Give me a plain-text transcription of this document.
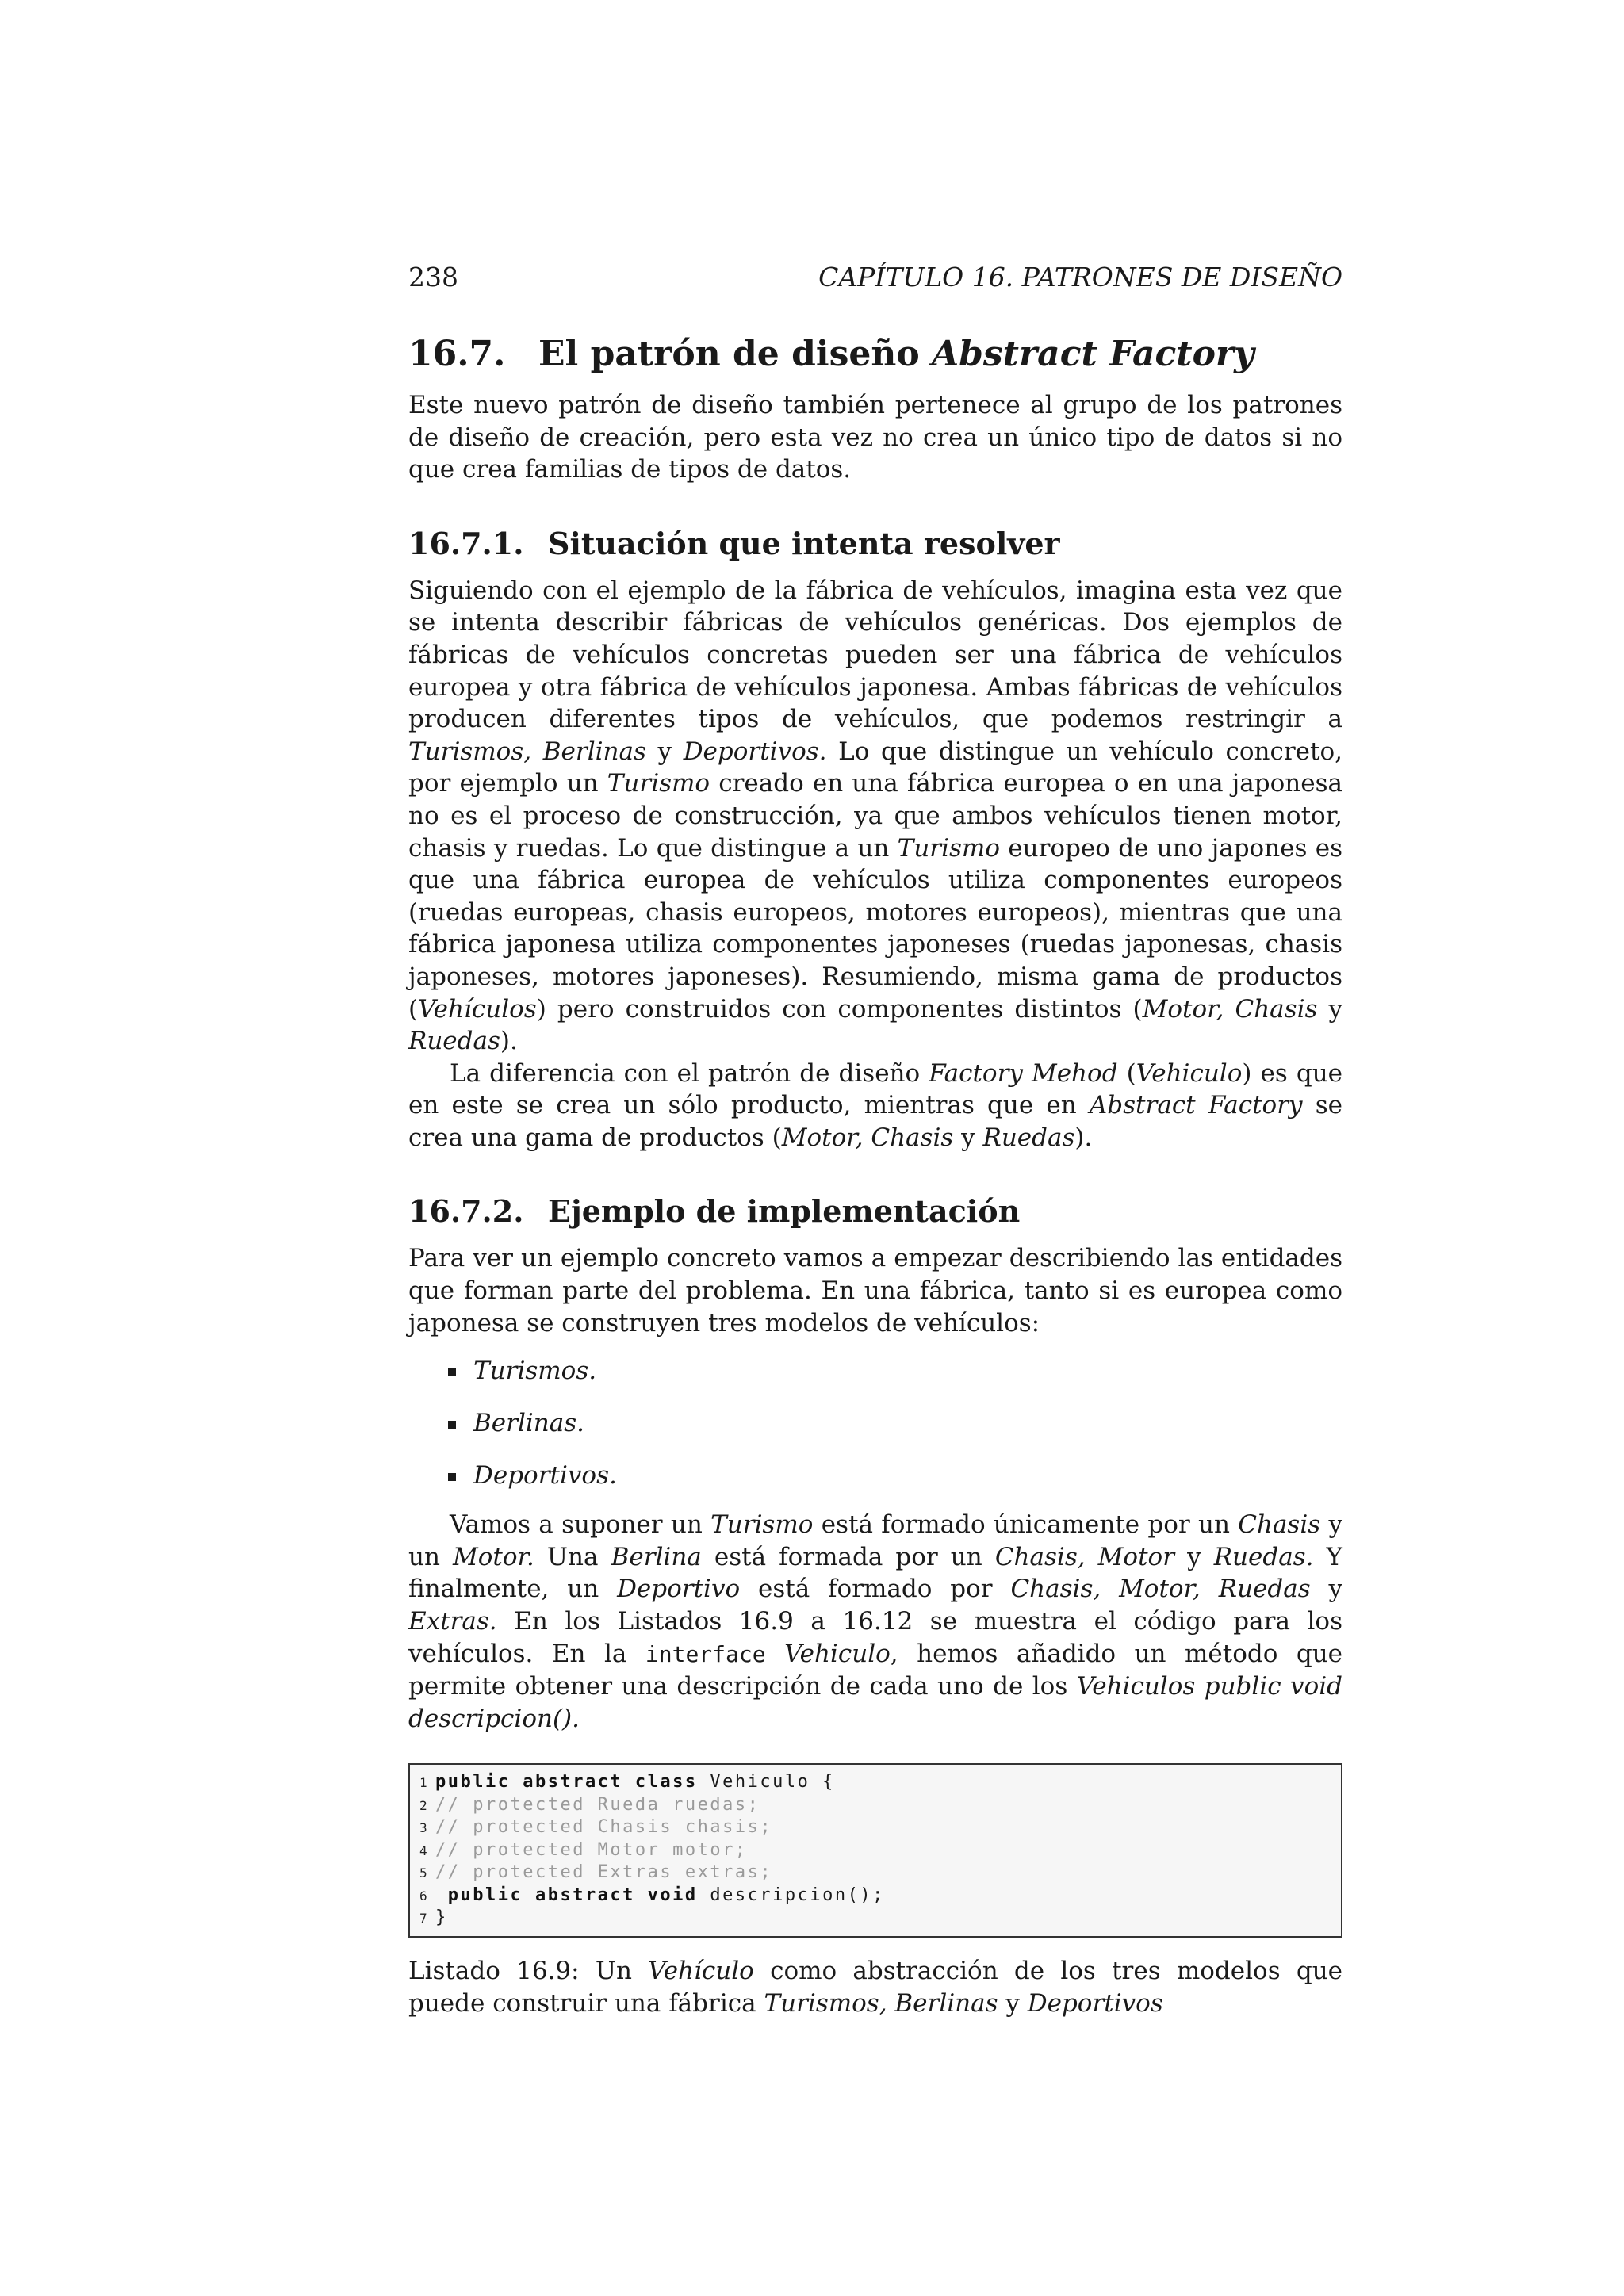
238	CAPÍTULO 16. PATRONES DE DISEÑO
16.7. El patrón de diseño Abstract Factory

Este nuevo patrón de diseño también pertenece al grupo de los patrones de diseño de creación, pero esta vez no crea un único tipo de datos si no que crea familias de tipos de datos.

16.7.1. Situación que intenta resolver

Siguiendo con el ejemplo de la fábrica de vehículos, imagina esta vez que se intenta describir fábricas de vehículos genéricas. Dos ejemplos de fábricas de vehículos concretas pueden ser una fábrica de vehículos europea y otra fábrica de vehículos japonesa. Ambas fábricas de vehículos producen diferentes tipos de vehículos, que podemos restringir a Turismos, Berlinas y Deportivos. Lo que distingue un vehículo concreto, por ejemplo un Turismo creado en una fábrica europea o en una japonesa no es el proceso de construcción, ya que ambos vehículos tienen motor, chasis y ruedas. Lo que distingue a un Turismo europeo de uno japones es que una fábrica europea de vehículos utiliza componentes europeos (ruedas europeas, chasis europeos, motores europeos), mientras que una fábrica japonesa utiliza componentes japoneses (ruedas japonesas, chasis japoneses, motores japoneses). Resumiendo, misma gama de productos (Vehículos) pero construidos con componentes distintos (Motor, Chasis y Ruedas).

La diferencia con el patrón de diseño Factory Mehod (Vehiculo) es que en este se crea un sólo producto, mientras que en Abstract Factory se crea una gama de productos (Motor, Chasis y Ruedas).

16.7.2. Ejemplo de implementación

Para ver un ejemplo concreto vamos a empezar describiendo las entidades que forman parte del problema. En una fábrica, tanto si es europea como japonesa se construyen tres modelos de vehículos:

Turismos.
Berlinas.
Deportivos.

Vamos a suponer un Turismo está formado únicamente por un Chasis y un Motor. Una Berlina está formada por un Chasis, Motor y Ruedas. Y finalmente, un Deportivo está formado por Chasis, Motor, Ruedas y Extras. En los Listados 16.9 a 16.12 se muestra el código para los vehículos. En la interface Vehiculo, hemos añadido un método que permite obtener una descripción de cada uno de los Vehiculos public void descripcion().

1 public abstract class Vehiculo {
2 // protected Rueda ruedas;
3 // protected Chasis chasis;
4 // protected Motor motor;
5 // protected Extras extras;
6 public abstract void descripcion();
7 }

Listado 16.9: Un Vehículo como abstracción de los tres modelos que puede construir una fábrica Turismos, Berlinas y Deportivos
